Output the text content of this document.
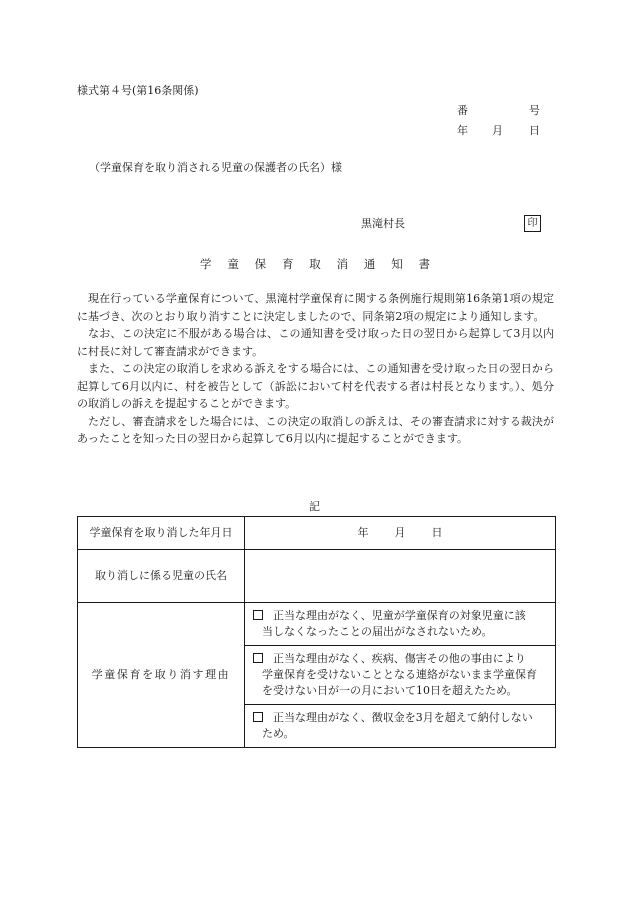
様式第４号(第16条関係)
番	号
年 月 日
（学童保育を取り消される児童の保護者の氏名）様
黒滝村長	印
学 童 保 育 取 消 通 知 書

現在行っている学童保育について、黒滝村学童保育に関する条例施行規則第16条第1項の規定に基づき、次のとおり取り消すことに決定しましたので、同条第2項の規定により通知します。

なお、この決定に不服がある場合は、この通知書を受け取った日の翌日から起算して3月以内に村長に対して審査請求ができます。

また、この決定の取消しを求める訴えをする場合には、この通知書を受け取った日の翌日から起算して6月以内に、村を被告として（訴訟において村を代表する者は村長となります。）、処分の取消しの訴えを提起することができます。

ただし、審査請求をした場合には、この決定の取消しの訴えは、その審査請求に対する裁決があったことを知った日の翌日から起算して6月以内に提起することができます。

記
学童保育を取り消した年月日	年 月 日
取り消しに係る児童の氏名	
学童保育を取り消す理由	正当な理由がなく、児童が学童保育の対象児童に該
当しなくなったことの届出がなされないため。

	正当な理由がなく、疾病、傷害その他の事由により
学童保育を受けないこととなる連絡がないまま学童保育を受けない日が一の月において10日を超えたため。

	正当な理由がなく、徴収金を3月を超えて納付しない
ため。
